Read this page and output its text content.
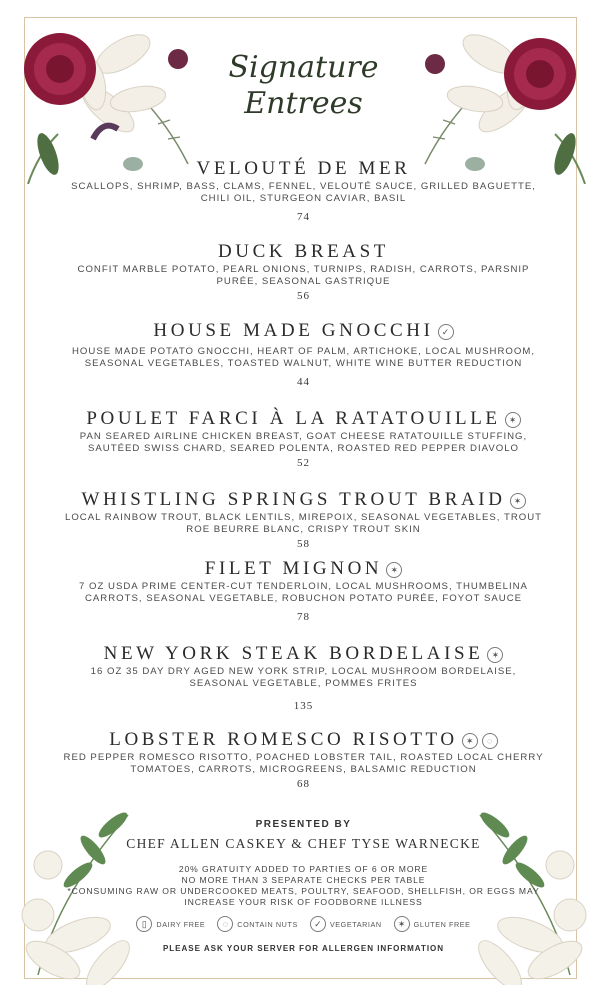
Signature
Entrees
VELOUTÉ DE MER
SCALLOPS, SHRIMP, BASS, CLAMS, FENNEL, VELOUTÉ SAUCE, GRILLED BAGUETTE, CHILI OIL, STURGEON CAVIAR, BASIL
74
DUCK BREAST
CONFIT MARBLE POTATO, PEARL ONIONS, TURNIPS, RADISH, CARROTS, PARSNIP PURÉE, SEASONAL GASTRIQUE
56
HOUSE MADE GNOCCHI ✓
HOUSE MADE POTATO GNOCCHI, HEART OF PALM, ARTICHOKE, LOCAL MUSHROOM, SEASONAL VEGETABLES, TOASTED WALNUT, WHITE WINE BUTTER REDUCTION
44
POULET FARCI À LA RATATOUILLE ✶
PAN SEARED AIRLINE CHICKEN BREAST, GOAT CHEESE RATATOUILLE STUFFING, SAUTÉED SWISS CHARD, SEARED POLENTA, ROASTED RED PEPPER DIAVOLO
52
WHISTLING SPRINGS TROUT BRAID ✶
LOCAL RAINBOW TROUT, BLACK LENTILS, MIREPOIX, SEASONAL VEGETABLES, TROUT ROE BEURRE BLANC, CRISPY TROUT SKIN
58
FILET MIGNON ✶
7 OZ USDA PRIME CENTER-CUT TENDERLOIN, LOCAL MUSHROOMS, THUMBELINA CARROTS, SEASONAL VEGETABLE, ROBUCHON POTATO PURÉE, FOYOT SAUCE
78
NEW YORK STEAK BORDELAISE ✶
16 OZ 35 DAY DRY AGED NEW YORK STRIP, LOCAL MUSHROOM BORDELAISE, SEASONAL VEGETABLE, POMMES FRITES
135
LOBSTER ROMESCO RISOTTO ✶ ◌
RED PEPPER ROMESCO RISOTTO, POACHED LOBSTER TAIL, ROASTED LOCAL CHERRY TOMATOES, CARROTS, MICROGREENS, BALSAMIC REDUCTION
68
PRESENTED BY
CHEF ALLEN CASKEY & CHEF TYSE WARNECKE
20% GRATUITY ADDED TO PARTIES OF 6 OR MORE
NO MORE THAN 3 SEPARATE CHECKS PER TABLE
*CONSUMING RAW OR UNDERCOOKED MEATS, POULTRY, SEAFOOD, SHELLFISH, OR EGGS MAY INCREASE YOUR RISK OF FOODBORNE ILLNESS
▯	DAIRY FREE	◌	CONTAIN NUTS	✓	VEGETARIAN	✶	GLUTEN FREE
PLEASE ASK YOUR SERVER FOR ALLERGEN INFORMATION
